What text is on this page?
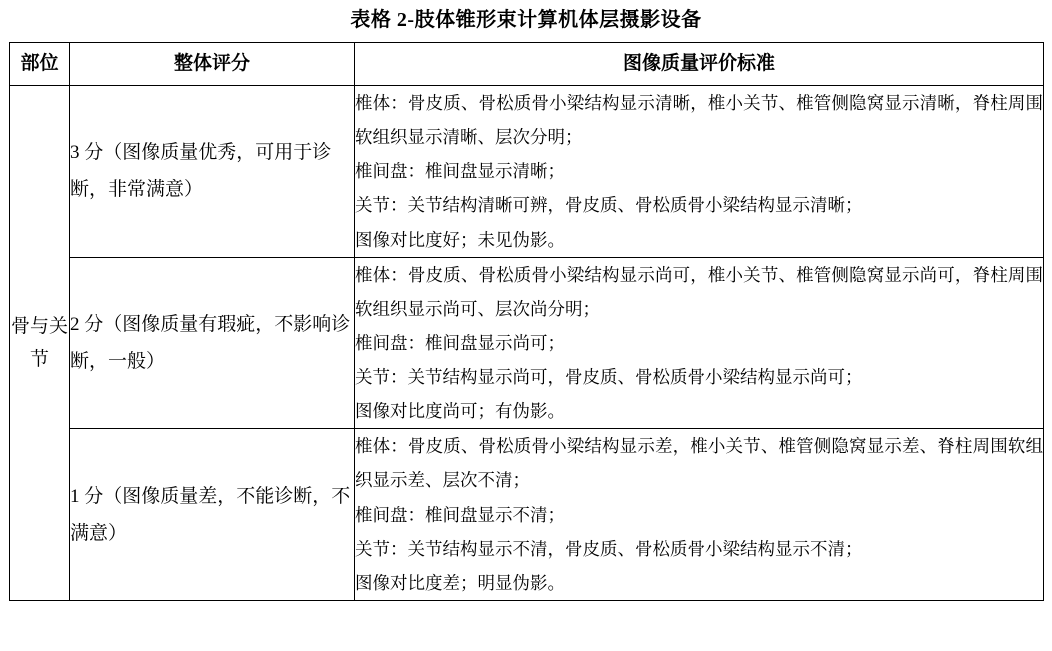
表格 2-肢体锥形束计算机体层摄影设备
部位	整体评分	图像质量评价标准
骨与关节	3 分（图像质量优秀，可用于诊断，非常满意）	椎体：骨皮质、骨松质骨小梁结构显示清晰，椎小关节、椎管侧隐窝显示清晰，脊柱周围软组织显示清晰、层次分明；

椎间盘：椎间盘显示清晰；

关节：关节结构清晰可辨，骨皮质、骨松质骨小梁结构显示清晰；

图像对比度好；未见伪影。

	2 分（图像质量有瑕疵，不影响诊断，一般）	椎体：骨皮质、骨松质骨小梁结构显示尚可，椎小关节、椎管侧隐窝显示尚可，脊柱周围软组织显示尚可、层次尚分明；

椎间盘：椎间盘显示尚可；

关节：关节结构显示尚可，骨皮质、骨松质骨小梁结构显示尚可；

图像对比度尚可；有伪影。

	1 分（图像质量差，不能诊断，不满意）	椎体：骨皮质、骨松质骨小梁结构显示差，椎小关节、椎管侧隐窝显示差、脊柱周围软组织显示差、层次不清；

椎间盘：椎间盘显示不清；

关节：关节结构显示不清，骨皮质、骨松质骨小梁结构显示不清；

图像对比度差；明显伪影。
